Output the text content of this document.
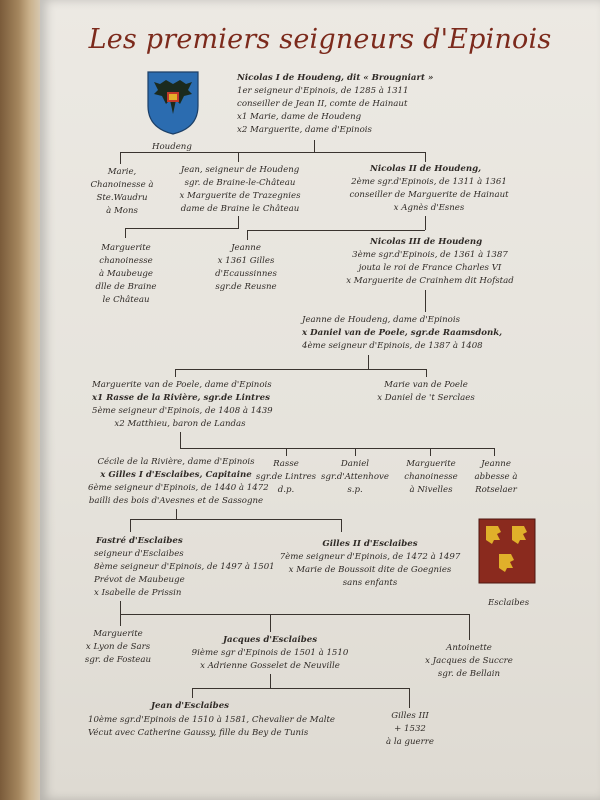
Les premiers seigneurs d'Epinois
Houdeng
Esclaibes
Nicolas I de Houdeng, dit « Brougniart »
1er seigneur d'Epinois, de 1285 à 1311
conseiller de Jean II, comte de Hainaut
x1 Marie, dame de Houdeng
x2 Marguerite, dame d'Epinois
Marie,
Chanoinesse à
Ste.Waudru
à Mons
Jean, seigneur de Houdeng
sgr. de Braine-le-Château
x Marguerite de Trazegnies
dame de Braine le Château
Nicolas II de Houdeng,
2ème sgr.d'Epinois, de 1311 à 1361
conseiller de Marguerite de Hainaut
x Agnès d'Esnes
Marguerite
chanoinesse
à Maubeuge
dlle de Braine
le Château
Jeanne
x 1361 Gilles
d'Ecaussinnes
sgr.de Reusne
Nicolas III de Houdeng
3ème sgr.d'Epinois, de 1361 à 1387
jouta le roi de France Charles VI
x Marguerite de Crainhem dit Hofstad
Jeanne de Houdeng, dame d'Epinois
x Daniel van de Poele, sgr.de Raamsdonk,
4ème seigneur d'Epinois, de 1387 à 1408
Marguerite van de Poele, dame d'Epinois
x1 Rasse de la Rivière, sgr.de Lintres
5ème seigneur d'Epinois, de 1408 à 1439
x2 Matthieu, baron de Landas
Marie van de Poele
x Daniel de 't Serclaes
Cécile de la Rivière, dame d'Epinois
x Gilles I d'Esclaibes, Capitaine
6ème seigneur d'Epinois, de 1440 à 1472
bailli des bois d'Avesnes et de Sassogne
Rasse
sgr.de Lintres
d.p.
Daniel
sgr.d'Attenhove
s.p.
Marguerite
chanoinesse
à Nivelles
Jeanne
abbesse à
Rotselaer
Fastré d'Esclaibes
seigneur d'Esclaibes
8ème seigneur d'Epinois, de 1497 à 1501
Prévot de Maubeuge
x Isabelle de Prissin
Gilles II d'Esclaibes
7ème seigneur d'Epinois, de 1472 à 1497
x Marie de Boussoit dite de Goegnies
sans enfants
Marguerite
x Lyon de Sars
sgr. de Fosteau
Jacques d'Esclaibes
9ième sgr d'Epinois de 1501 à 1510
x Adrienne Gosselet de Neuville
Antoinette
x Jacques de Succre
sgr. de Bellain
Jean d'Esclaibes
10ème sgr.d'Epinois de 1510 à 1581, Chevalier de Malte
Vécut avec Catherine Gaussy, fille du Bey de Tunis
Gilles III
+ 1532
à la guerre
